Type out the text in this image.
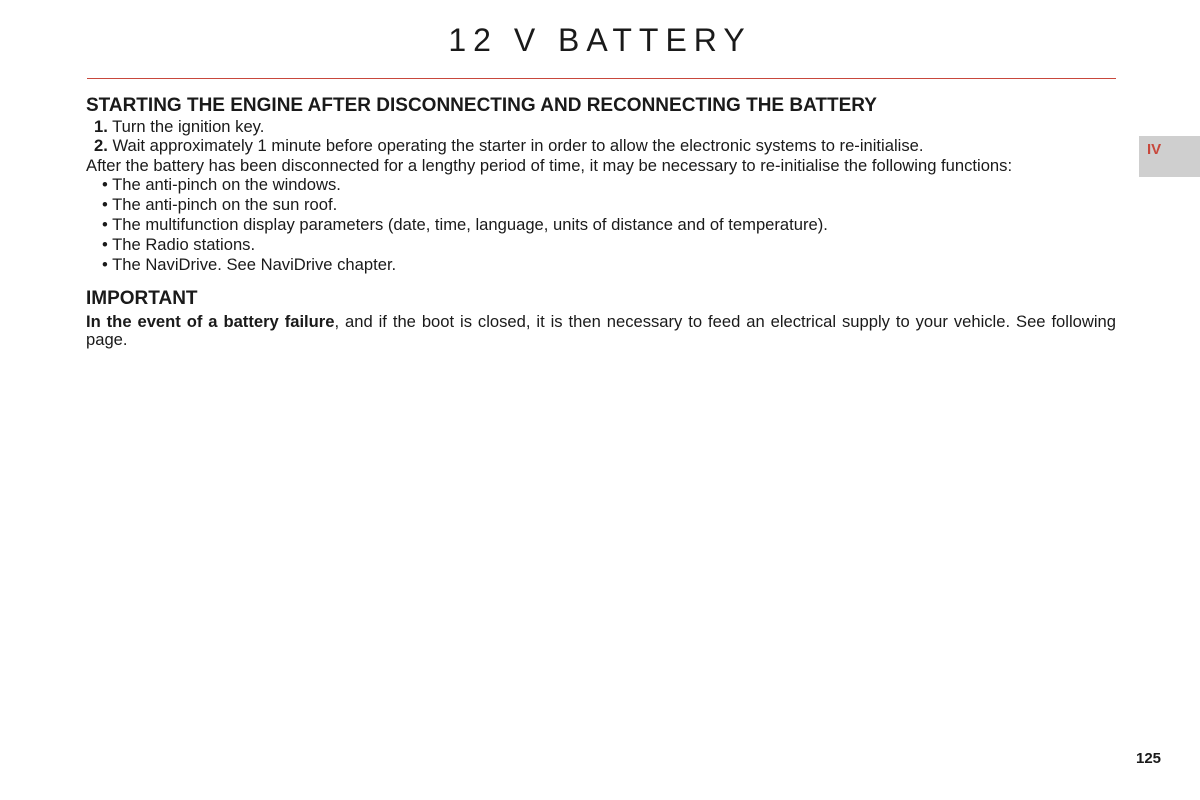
12 V BATTERY
IV
STARTING THE ENGINE AFTER DISCONNECTING AND RECONNECTING THE BATTERY
1. Turn the ignition key.
2. Wait approximately 1 minute before operating the starter in order to allow the electronic systems to re-initialise.

After the battery has been disconnected for a lengthy period of time, it may be necessary to re-initialise the following functions:

• The anti-pinch on the windows.
• The anti-pinch on the sun roof.
• The multifunction display parameters (date, time, language, units of distance and of temperature).
• The Radio stations.
• The NaviDrive. See NaviDrive chapter.
IMPORTANT

In the event of a battery failure, and if the boot is closed, it is then necessary to feed an electrical supply to your vehicle. See following page.

125
